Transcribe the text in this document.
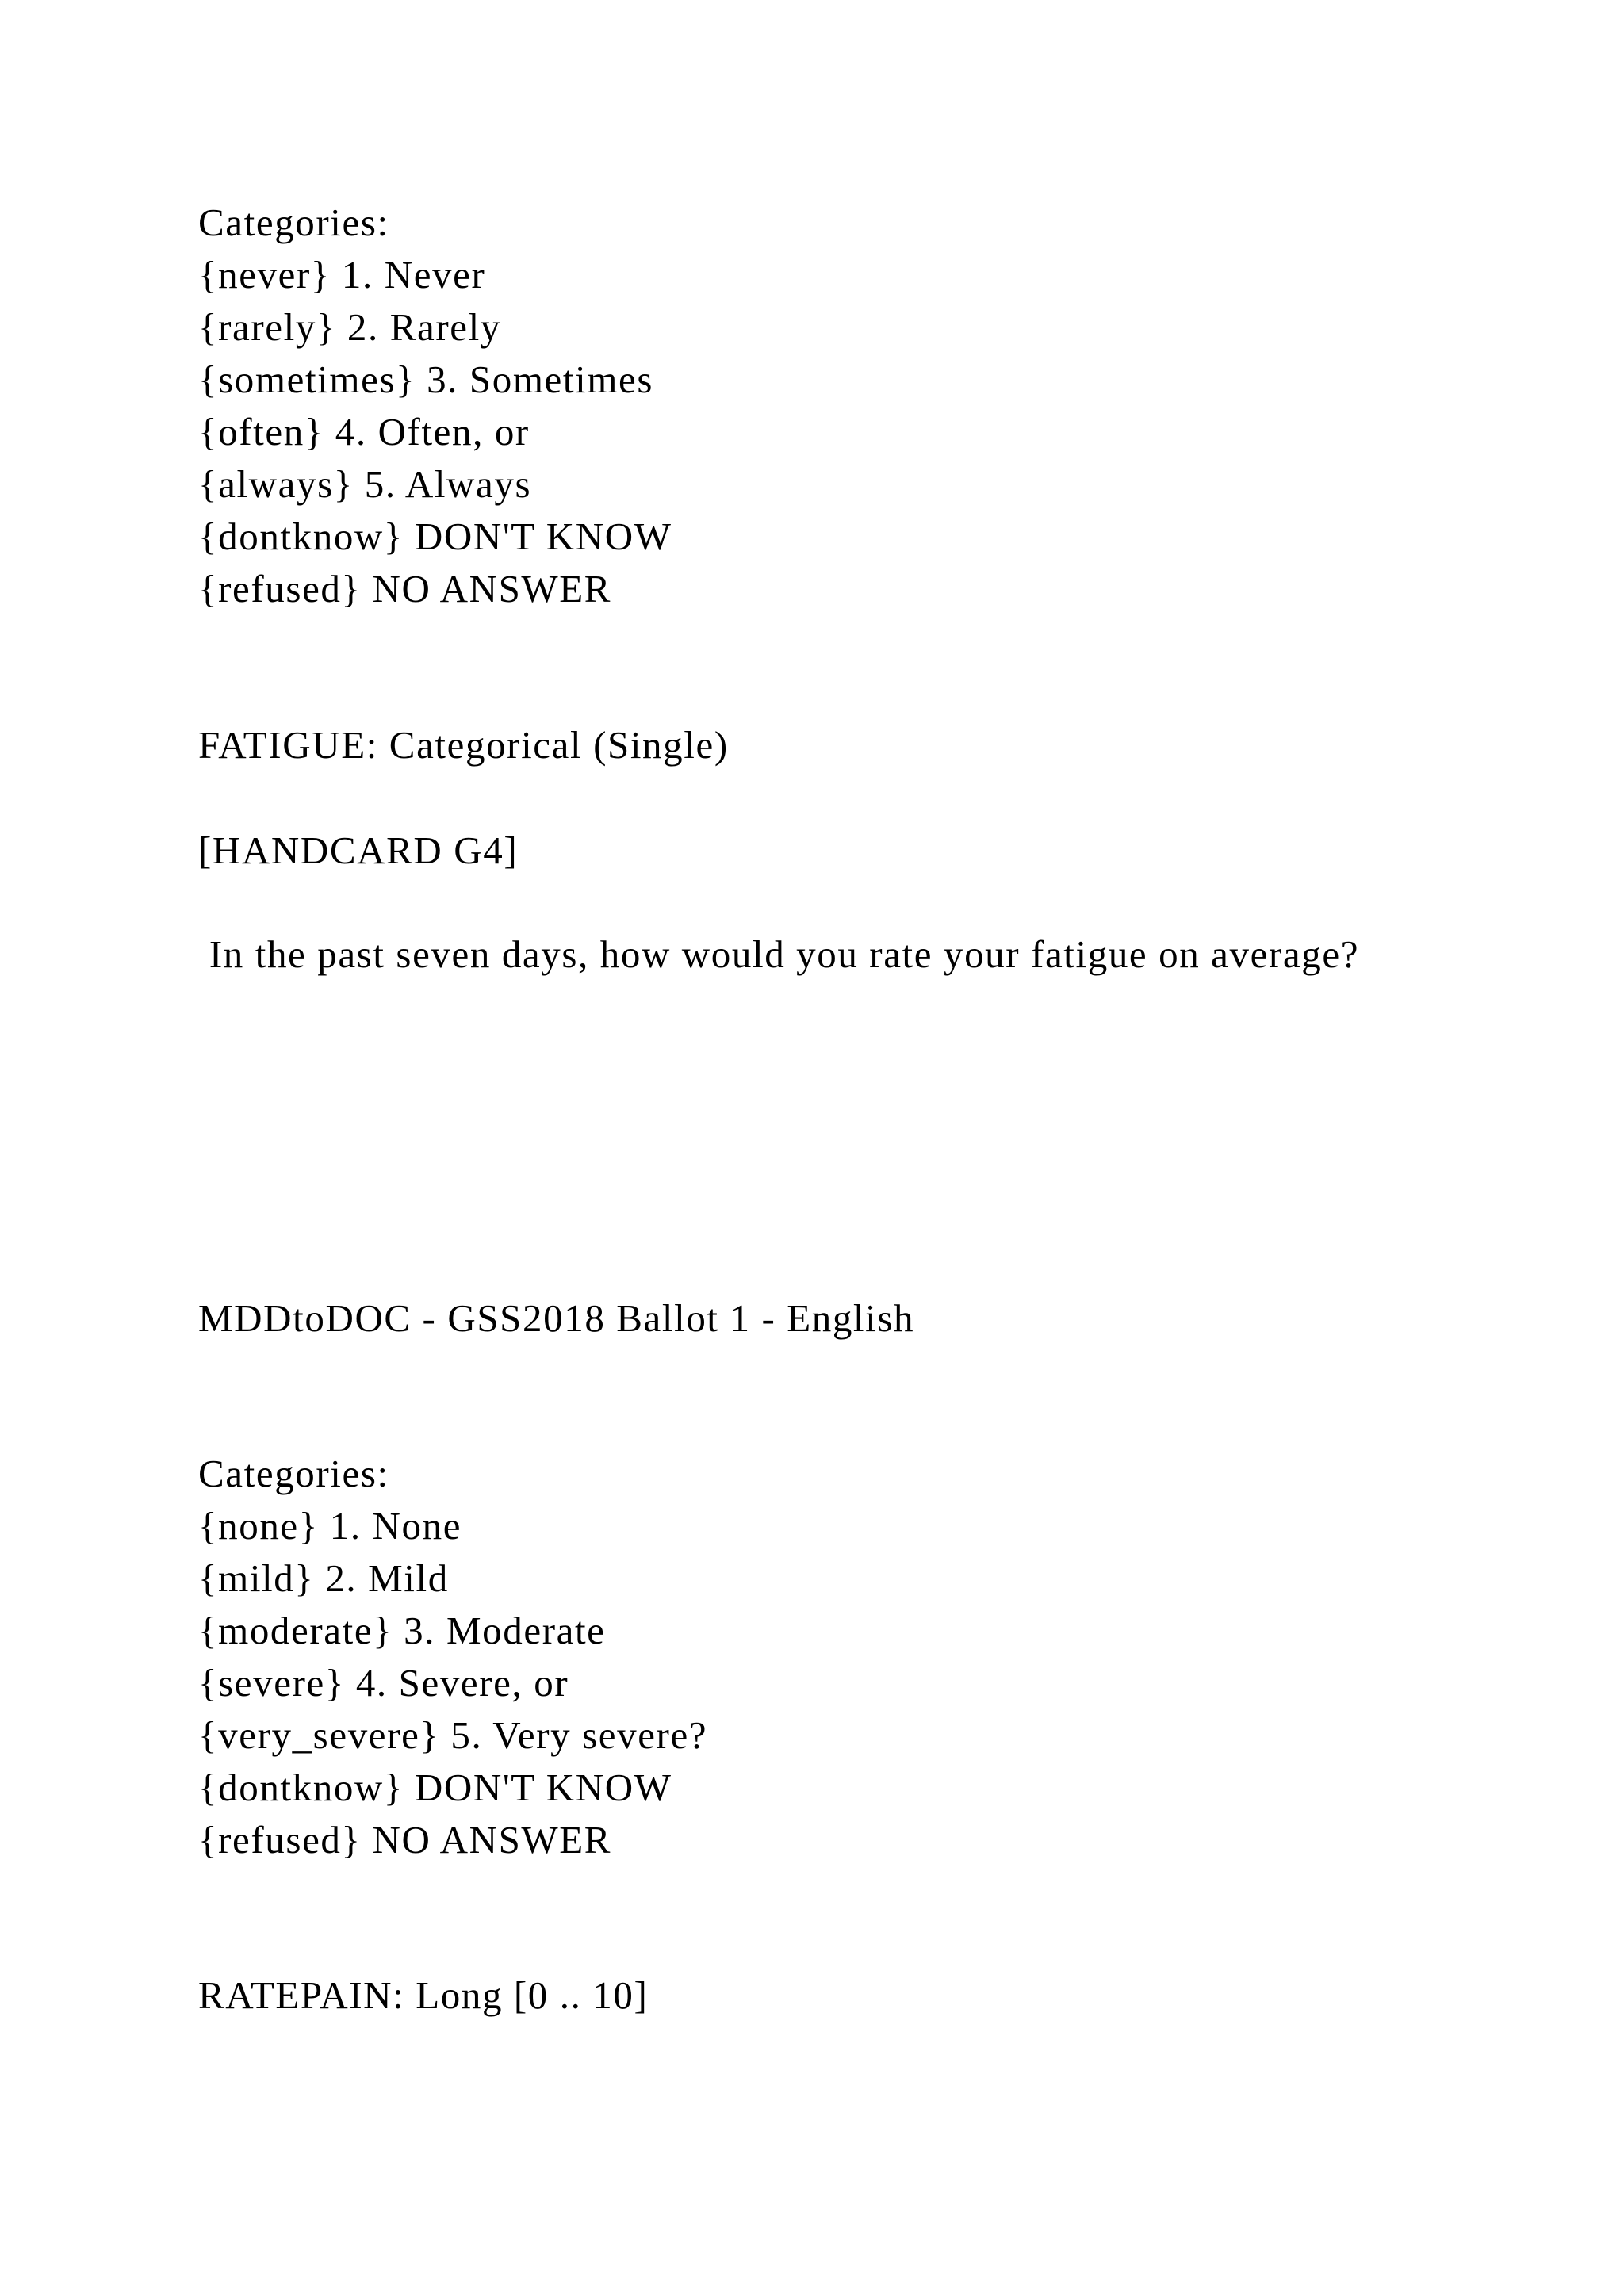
Categories:

{never} 1. Never

{rarely} 2. Rarely

{sometimes} 3. Sometimes

{often} 4. Often, or

{always} 5. Always

{dontknow} DON'T KNOW

{refused} NO ANSWER

FATIGUE: Categorical (Single)

[HANDCARD G4]

In the past seven days, how would you rate your fatigue on average?

MDDtoDOC - GSS2018 Ballot 1 - English

Categories:

{none} 1. None

{mild} 2. Mild

{moderate} 3. Moderate

{severe} 4. Severe, or

{very_severe} 5. Very severe?

{dontknow} DON'T KNOW

{refused} NO ANSWER

RATEPAIN: Long [0 .. 10]
